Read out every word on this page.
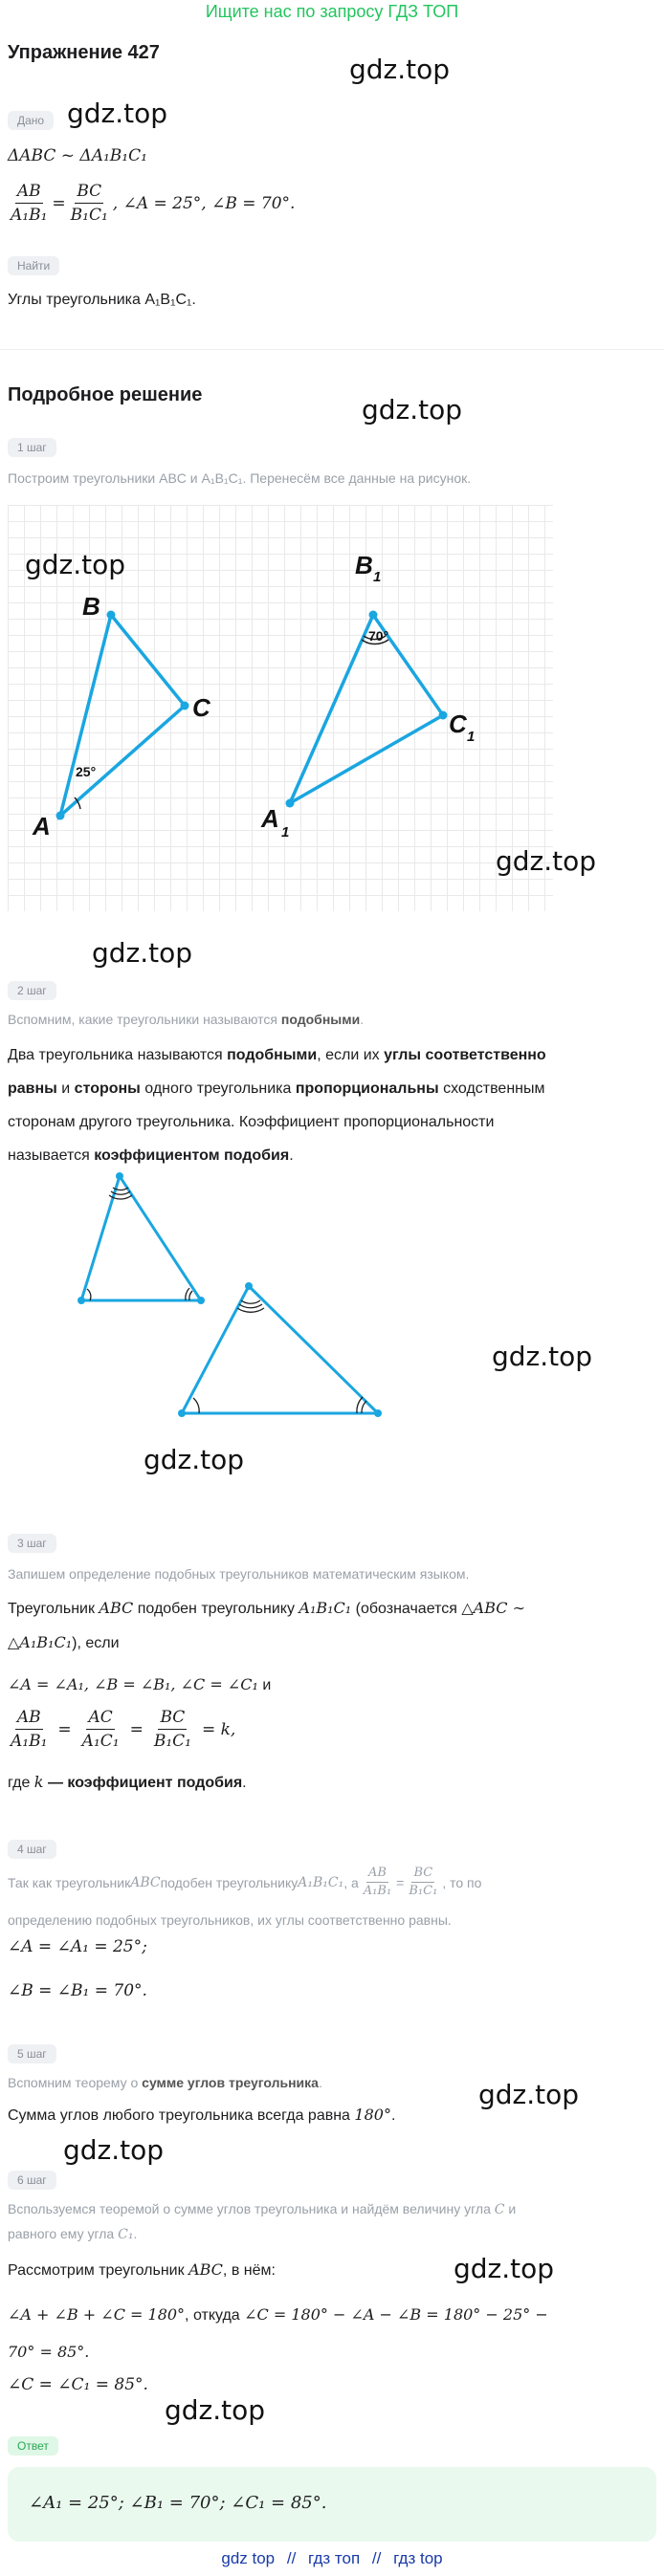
Ищите нас по запросу ГДЗ ТОП
Упражнение 427
gdz.top
Дано gdz.top
ΔABC ~ ΔA₁B₁C₁
$\frac{AB}{\text{A₁B₁}} = \frac{BC}{\text{B₁C₁}}$ , ∠A = 25°, ∠B = 70°.
Найти
Углы треугольника A₁B₁C₁.
Подробное решение	gdz.top
1 шаг
Построим треугольники ABC и A₁B₁C₁. Перенесём все данные на рисунок.
gdz.top
A
B
C
A 1
B 1
C 1
25°
70°
gdz.top
gdz.top
2 шаг
Вспомним, какие треугольники называются подобными.
Два треугольника называются подобными, если их углы соответственно
равны и стороны одного треугольника пропорциональны сходственным
сторонам другого треугольника. Коэффициент пропорциональности
называется коэффициентом подобия.
gdz.top
gdz.top
3 шаг
Запишем определение подобных треугольников математическим языком.
Треугольник ABC подобен треугольнику A₁B₁C₁ (обозначается △ABC ∼
△A₁B₁C₁), если
∠A = ∠A₁, ∠B = ∠B₁, ∠C = ∠C₁ и
$\frac{AB}{\text{A₁B₁}} = \frac{AC}{\text{A₁C₁}} = \frac{BC}{\text{B₁C₁}} = k$,
где k — коэффициент подобия.
4 шаг
Так как треугольник ABC подобен треугольнику A₁B₁C₁ , а $\frac{AB}{\text{A₁B₁}} = \frac{BC}{\text{B₁C₁}}$ , то по
определению подобных треугольников, их углы соответственно равны.
∠A = ∠A₁ = 25°;
∠B = ∠B₁ = 70°.
5 шаг
Вспомним теорему о сумме углов треугольника.	gdz.top
Сумма углов любого треугольника всегда равна 180°.
gdz.top
6 шаг
Вспользуемся теоремой о сумме углов треугольника и найдём величину угла C и
равного ему угла C₁.
gdz.top
Рассмотрим треугольник ABC, в нём:
∠A + ∠B + ∠C = 180°, откуда ∠C = 180° − ∠A − ∠B = 180° − 25° −
70° = 85°.
∠C = ∠C₁ = 85°.
gdz.top
Ответ
∠A₁ = 25°; ∠B₁ = 70°; ∠C₁ = 85°.
gdz top // гдз топ // гдз top
